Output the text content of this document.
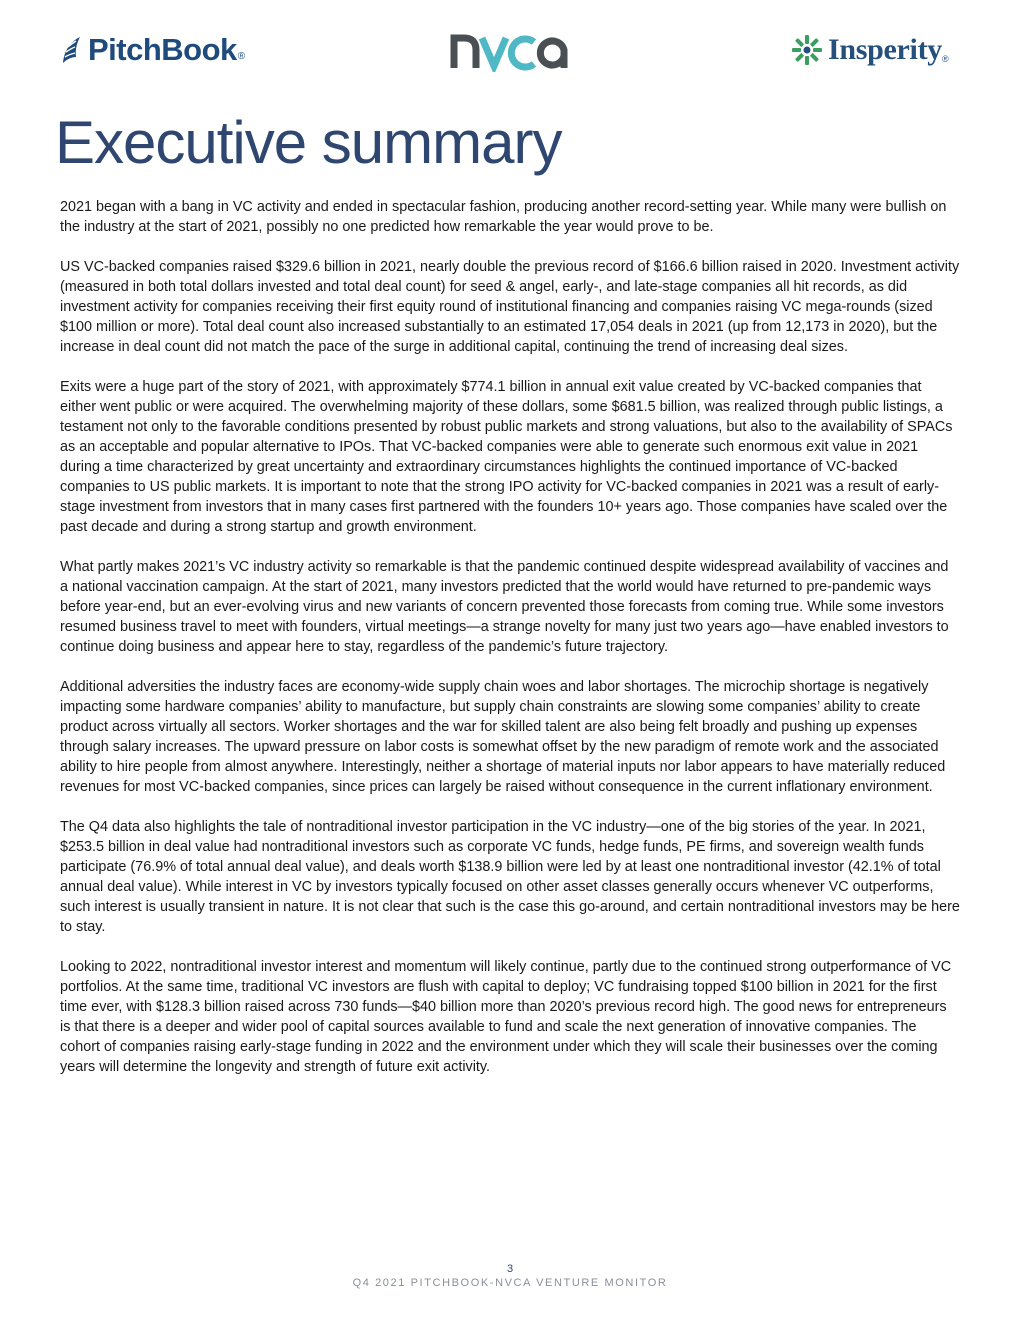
PitchBook ®	Insperity ®
Executive summary

2021 began with a bang in VC activity and ended in spectacular fashion, producing another record-setting year. While many were bullish on the industry at the start of 2021, possibly no one predicted how remarkable the year would prove to be.

US VC-backed companies raised $329.6 billion in 2021, nearly double the previous record of $166.6 billion raised in 2020. Investment activity (measured in both total dollars invested and total deal count) for seed & angel, early-, and late-stage companies all hit records, as did investment activity for companies receiving their first equity round of institutional financing and companies raising VC mega-rounds (sized $100 million or more). Total deal count also increased substantially to an estimated 17,054 deals in 2021 (up from 12,173 in 2020), but the increase in deal count did not match the pace of the surge in additional capital, continuing the trend of increasing deal sizes.

Exits were a huge part of the story of 2021, with approximately $774.1 billion in annual exit value created by VC-backed companies that either went public or were acquired. The overwhelming majority of these dollars, some $681.5 billion, was realized through public listings, a testament not only to the favorable conditions presented by robust public markets and strong valuations, but also to the availability of SPACs as an acceptable and popular alternative to IPOs. That VC-backed companies were able to generate such enormous exit value in 2021 during a time characterized by great uncertainty and extraordinary circumstances highlights the continued importance of VC-backed companies to US public markets. It is important to note that the strong IPO activity for VC-backed companies in 2021 was a result of early-stage investment from investors that in many cases first partnered with the founders 10+ years ago. Those companies have scaled over the past decade and during a strong startup and growth environment.

What partly makes 2021’s VC industry activity so remarkable is that the pandemic continued despite widespread availability of vaccines and a national vaccination campaign. At the start of 2021, many investors predicted that the world would have returned to pre-pandemic ways before year-end, but an ever-evolving virus and new variants of concern prevented those forecasts from coming true. While some investors resumed business travel to meet with founders, virtual meetings—a strange novelty for many just two years ago—have enabled investors to continue doing business and appear here to stay, regardless of the pandemic’s future trajectory.

Additional adversities the industry faces are economy-wide supply chain woes and labor shortages. The microchip shortage is negatively impacting some hardware companies’ ability to manufacture, but supply chain constraints are slowing some companies’ ability to create product across virtually all sectors. Worker shortages and the war for skilled talent are also being felt broadly and pushing up expenses through salary increases. The upward pressure on labor costs is somewhat offset by the new paradigm of remote work and the associated ability to hire people from almost anywhere. Interestingly, neither a shortage of material inputs nor labor appears to have materially reduced revenues for most VC-backed companies, since prices can largely be raised without consequence in the current inflationary environment.

The Q4 data also highlights the tale of nontraditional investor participation in the VC industry—one of the big stories of the year. In 2021, $253.5 billion in deal value had nontraditional investors such as corporate VC funds, hedge funds, PE firms, and sovereign wealth funds participate (76.9% of total annual deal value), and deals worth $138.9 billion were led by at least one nontraditional investor (42.1% of total annual deal value). While interest in VC by investors typically focused on other asset classes generally occurs whenever VC outperforms, such interest is usually transient in nature. It is not clear that such is the case this go-around, and certain nontraditional investors may be here to stay.

Looking to 2022, nontraditional investor interest and momentum will likely continue, partly due to the continued strong outperformance of VC portfolios. At the same time, traditional VC investors are flush with capital to deploy; VC fundraising topped $100 billion in 2021 for the first time ever, with $128.3 billion raised across 730 funds—$40 billion more than 2020’s previous record high. The good news for entrepreneurs is that there is a deeper and wider pool of capital sources available to fund and scale the next generation of innovative companies. The cohort of companies raising early-stage funding in 2022 and the environment under which they will scale their businesses over the coming years will determine the longevity and strength of future exit activity.

3
Q4 2021 PITCHBOOK-NVCA VENTURE MONITOR
